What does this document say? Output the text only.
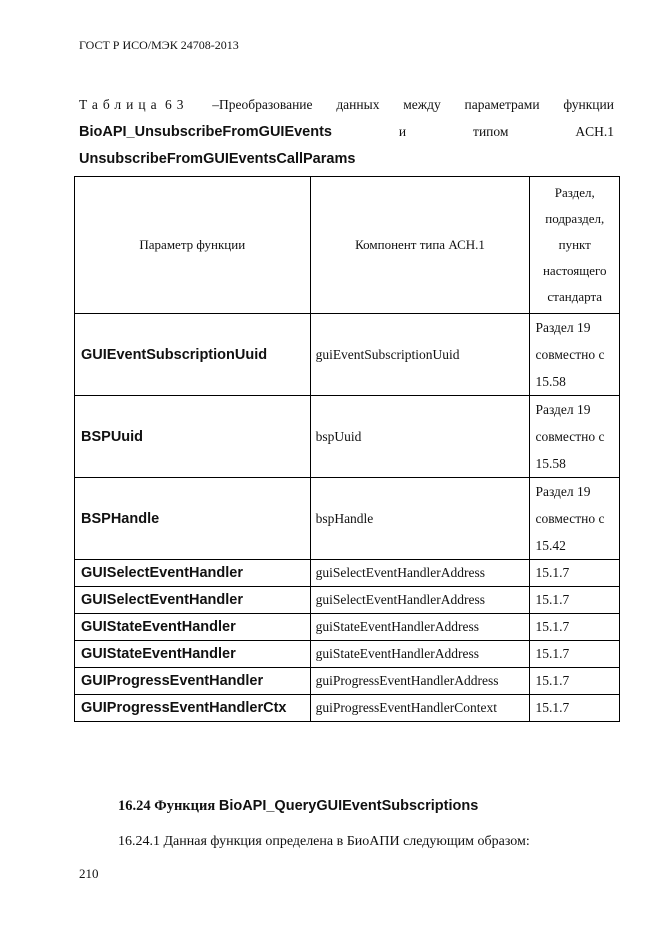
ГОСТ Р ИСО/МЭК 24708-2013
Таблица 63 –Преобразование данных между параметрами функции
BioAPI_UnsubscribeFromGUIEvents	и	типом	ACH.1
UnsubscribeFromGUIEventsCallParams
Параметр функции	Компонент типа АСН.1	Раздел, подраздел, пункт настоящего стандарта
GUIEventSubscriptionUuid	guiEventSubscriptionUuid	Раздел 19 совместно с 15.58
BSPUuid	bspUuid	Раздел 19 совместно с 15.58
BSPHandle	bspHandle	Раздел 19 совместно с 15.42
GUISelectEventHandler	guiSelectEventHandlerAddress	15.1.7
GUISelectEventHandler	guiSelectEventHandlerAddress	15.1.7
GUIStateEventHandler	guiStateEventHandlerAddress	15.1.7
GUIStateEventHandler	guiStateEventHandlerAddress	15.1.7
GUIProgressEventHandler	guiProgressEventHandlerAddress	15.1.7
GUIProgressEventHandlerCtx	guiProgressEventHandlerContext	15.1.7
16.24 Функция BioAPI_QueryGUIEventSubscriptions
16.24.1 Данная функция определена в БиоАПИ следующим образом:
210
